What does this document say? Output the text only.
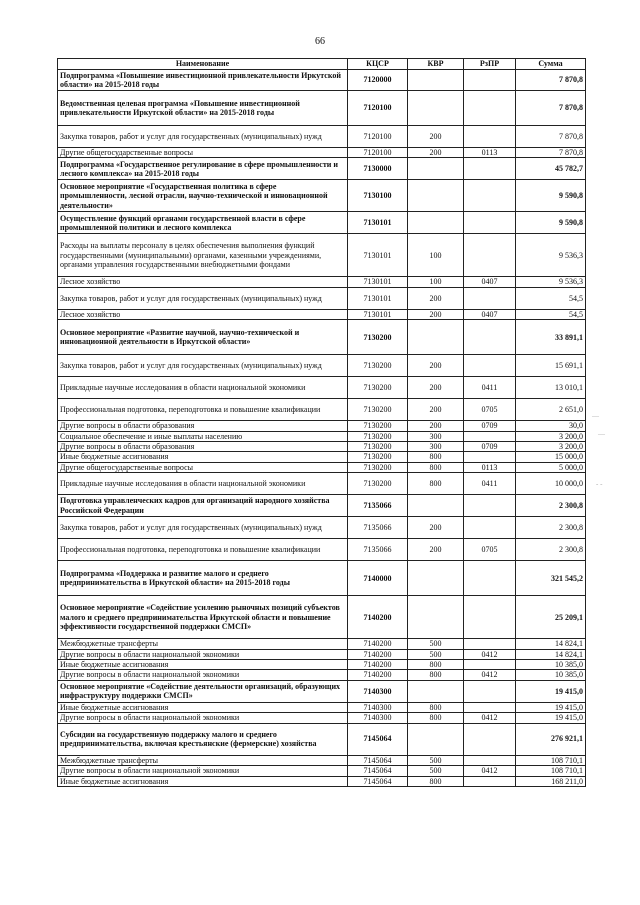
66
Наименование	КЦСР	КВР	РзПР	Сумма
Подпрограмма «Повышение инвестиционной привлекательности Иркутской области» на 2015-2018 годы	7120000			7 870,8
Ведомственная целевая программа «Повышение инвестиционной привлекательности Иркутской области» на 2015-2018 годы	7120100			7 870,8
Закупка товаров, работ и услуг для государственных (муниципальных) нужд	7120100	200		7 870,8
Другие общегосударственные вопросы	7120100	200	0113	7 870,8
Подпрограмма «Государственное регулирование в сфере промышленности и лесного комплекса» на 2015-2018 годы	7130000			45 782,7
Основное мероприятие «Государственная политика в сфере промышленности, лесной отрасли, научно-технической и инновационной деятельности»	7130100			9 590,8
Осуществление функций органами государственной власти в сфере промышленной политики и лесного комплекса	7130101			9 590,8
Расходы на выплаты персоналу в целях обеспечения выполнения функций государственными (муниципальными) органами, казенными учреждениями, органами управления государственными внебюджетными фондами	7130101	100		9 536,3
Лесное хозяйство	7130101	100	0407	9 536,3
Закупка товаров, работ и услуг для государственных (муниципальных) нужд	7130101	200		54,5
Лесное хозяйство	7130101	200	0407	54,5
Основное мероприятие «Развитие научной, научно-технической и инновационной деятельности в Иркутской области»	7130200			33 891,1
Закупка товаров, работ и услуг для государственных (муниципальных) нужд	7130200	200		15 691,1
Прикладные научные исследования в области национальной экономики	7130200	200	0411	13 010,1
Профессиональная подготовка, переподготовка и повышение квалификации	7130200	200	0705	2 651,0
Другие вопросы в области образования	7130200	200	0709	30,0
Социальное обеспечение и иные выплаты населению	7130200	300		3 200,0
Другие вопросы в области образования	7130200	300	0709	3 200,0
Иные бюджетные ассигнования	7130200	800		15 000,0
Другие общегосударственные вопросы	7130200	800	0113	5 000,0
Прикладные научные исследования в области национальной экономики	7130200	800	0411	10 000,0
Подготовка управленческих кадров для организаций народного хозяйства Российской Федерации	7135066			2 300,8
Закупка товаров, работ и услуг для государственных (муниципальных) нужд	7135066	200		2 300,8
Профессиональная подготовка, переподготовка и повышение квалификации	7135066	200	0705	2 300,8
Подпрограмма «Поддержка и развитие малого и среднего предпринимательства в Иркутской области» на 2015-2018 годы	7140000			321 545,2
Основное мероприятие «Содействие усилению рыночных позиций субъектов малого и среднего предпринимательства Иркутской области и повышение эффективности государственной поддержки СМСП»	7140200			25 209,1
Межбюджетные трансферты	7140200	500		14 824,1
Другие вопросы в области национальной экономики	7140200	500	0412	14 824,1
Иные бюджетные ассигнования	7140200	800		10 385,0
Другие вопросы в области национальной экономики	7140200	800	0412	10 385,0
Основное мероприятие «Содействие деятельности организаций, образующих инфраструктуру поддержки СМСП»	7140300			19 415,0
Иные бюджетные ассигнования	7140300	800		19 415,0
Другие вопросы в области национальной экономики	7140300	800	0412	19 415,0
Субсидии на государственную поддержку малого и среднего предпринимательства, включая крестьянские (фермерские) хозяйства	7145064			276 921,1
Межбюджетные трансферты	7145064	500		108 710,1
Другие вопросы в области национальной экономики	7145064	500	0412	108 710,1
Иные бюджетные ассигнования	7145064	800		168 211,0
—
—
- -
